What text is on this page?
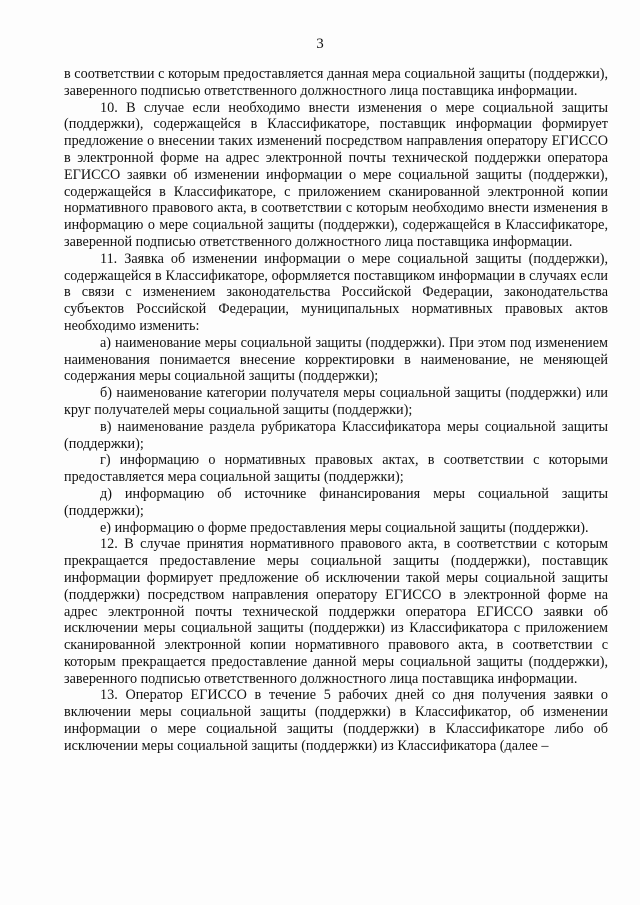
3

в соответствии с которым предоставляется данная мера социальной защиты (поддержки), заверенного подписью ответственного должностного лица поставщика информации.

10. В случае если необходимо внести изменения о мере социальной защиты (поддержки), содержащейся в Классификаторе, поставщик информации формирует предложение о внесении таких изменений посредством направления оператору ЕГИССО в электронной форме на адрес электронной почты технической поддержки оператора ЕГИССО заявки об изменении информации о мере социальной защиты (поддержки), содержащейся в Классификаторе, с приложением сканированной электронной копии нормативного правового акта, в соответствии с которым необходимо внести изменения в информацию о мере социальной защиты (поддержки), содержащейся в Классификаторе, заверенной подписью ответственного должностного лица поставщика информации.

11. Заявка об изменении информации о мере социальной защиты (поддержки), содержащейся в Классификаторе, оформляется поставщиком информации в случаях если в связи с изменением законодательства Российской Федерации, законодательства субъектов Российской Федерации, муниципальных нормативных правовых актов необходимо изменить:

а) наименование меры социальной защиты (поддержки). При этом под изменением наименования понимается внесение корректировки в наименование, не меняющей содержания меры социальной защиты (поддержки);

б) наименование категории получателя меры социальной защиты (поддержки) или круг получателей меры социальной защиты (поддержки);

в) наименование раздела рубрикатора Классификатора меры социальной защиты (поддержки);

г) информацию о нормативных правовых актах, в соответствии с которыми предоставляется мера социальной защиты (поддержки);

д) информацию об источнике финансирования меры социальной защиты (поддержки);

е) информацию о форме предоставления меры социальной защиты (поддержки).

12. В случае принятия нормативного правового акта, в соответствии с которым прекращается предоставление меры социальной защиты (поддержки), поставщик информации формирует предложение об исключении такой меры социальной защиты (поддержки) посредством направления оператору ЕГИССО в электронной форме на адрес электронной почты технической поддержки оператора ЕГИССО заявки об исключении меры социальной защиты (поддержки) из Классификатора с приложением сканированной электронной копии нормативного правового акта, в соответствии с которым прекращается предоставление данной меры социальной защиты (поддержки), заверенного подписью ответственного должностного лица поставщика информации.

13. Оператор ЕГИССО в течение 5 рабочих дней со дня получения заявки о включении меры социальной защиты (поддержки) в Классификатор, об изменении информации о мере социальной защиты (поддержки) в Классификаторе либо об исключении меры социальной защиты (поддержки) из Классификатора (далее –
